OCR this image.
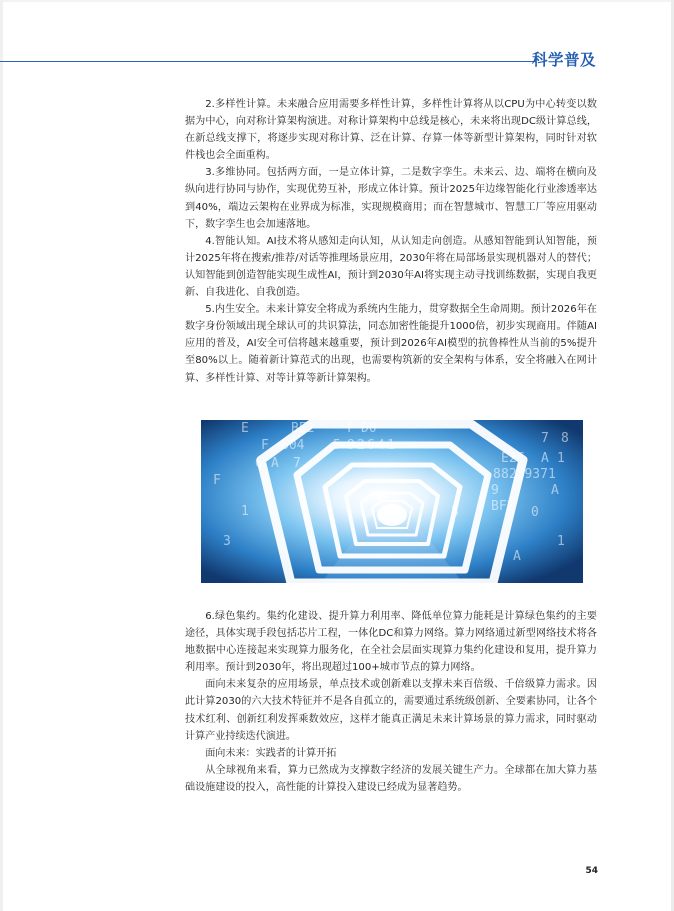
科学普及

2.多样性计算。未来融合应用需要多样性计算，多样性计算将从以CPU为中心转变以数据为中心，向对称计算架构演进。对称计算架构中总线是核心，未来将出现DC级计算总线，在新总线支撑下，将逐步实现对称计算、泛在计算、存算一体等新型计算架构，同时针对软件栈也会全面重构。

3.多维协同。包括两方面，一是立体计算，二是数字孪生。未来云、边、端将在横向及纵向进行协同与协作，实现优势互补，形成立体计算。预计2025年边缘智能化行业渗透率达到40%，端边云架构在业界成为标准，实现规模商用；而在智慧城市、智慧工厂等应用驱动下，数字孪生也会加速落地。

4.智能认知。AI技术将从感知走向认知，从认知走向创造。从感知智能到认知智能，预计2025年将在搜索/推荐/对话等推理场景应用，2030年将在局部场景实现机器对人的替代；认知智能到创造智能实现生成性AI，预计到2030年AI将实现主动寻找训练数据，实现自我更新、自我进化、自我创造。

5.内生安全。未来计算安全将成为系统内生能力，贯穿数据全生命周期。预计2026年在数字身份领域出现全球认可的共识算法，同态加密性能提升1000倍，初步实现商用。伴随AI应用的普及，AI安全可信将越来越重要，预计到2026年AI模型的抗鲁棒性从当前的5%提升至80%以上。随着新计算范式的出现，也需要构筑新的安全架构与体系，安全将融入在网计算、多样性计算、对等计算等新计算架构。

E	BE2	F D0
F 604 5 9 2 6 4 1	7 8
6 A 7	E2C A 1
8 8259371
9	A
1	5 BF2 0
F
3	1
A

6.绿色集约。集约化建设、提升算力利用率、降低单位算力能耗是计算绿色集约的主要途径，具体实现手段包括芯片工程，一体化DC和算力网络。算力网络通过新型网络技术将各地数据中心连接起来实现算力服务化，在全社会层面实现算力集约化建设和复用，提升算力利用率。预计到2030年，将出现超过100+城市节点的算力网络。

面向未来复杂的应用场景，单点技术或创新难以支撑未来百倍级、千倍级算力需求。因此计算2030的六大技术特征并不是各自孤立的，需要通过系统级创新、全要素协同，让各个技术红利、创新红利发挥乘数效应，这样才能真正满足未来计算场景的算力需求，同时驱动计算产业持续迭代演进。

面向未来：实践者的计算开拓

从全球视角来看，算力已然成为支撑数字经济的发展关键生产力。全球都在加大算力基础设施建设的投入，高性能的计算投入建设已经成为显著趋势。

54
